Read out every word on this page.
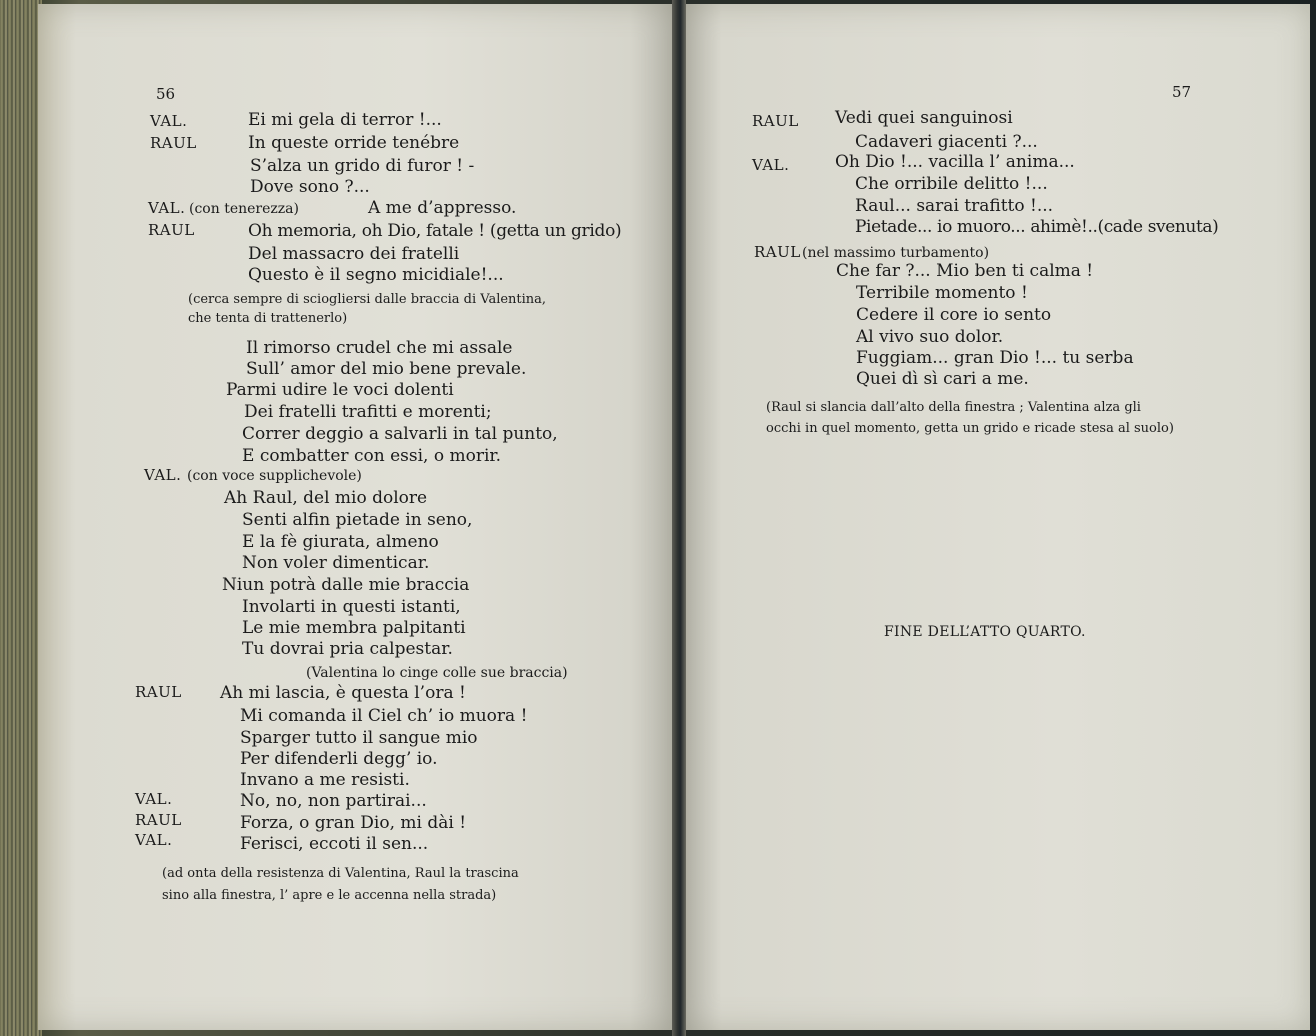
56
VAL.	Ei mi gela di terror !...
RAUL	In queste orride tenébre
S’alza un grido di furor ! -
Dove sono ?...
VAL. (con tenerezza)	A me d’appresso.
RAUL	Oh memoria, oh Dio, fatale ! (getta un grido)
Del massacro dei fratelli
Questo è il segno micidiale!...
(cerca sempre di sciogliersi dalle braccia di Valentina,
che tenta di trattenerlo)
Il rimorso crudel che mi assale
Sull’ amor del mio bene prevale.
Parmi udire le voci dolenti
Dei fratelli trafitti e morenti;
Correr deggio a salvarli in tal punto,
E combatter con essi, o morir.
VAL. (con voce supplichevole)
Ah Raul, del mio dolore
Senti alfin pietade in seno,
E la fè giurata, almeno
Non voler dimenticar.
Niun potrà dalle mie braccia
Involarti in questi istanti,
Le mie membra palpitanti
Tu dovrai pria calpestar.
(Valentina lo cinge colle sue braccia)
RAUL Ah mi lascia, è questa l’ora !
Mi comanda il Ciel ch’ io muora !
Sparger tutto il sangue mio
Per difenderli degg’ io.
Invano a me resisti.
VAL.	No, no, non partirai...
RAUL	Forza, o gran Dio, mi dài !
VAL.	Ferisci, eccoti il sen...
(ad onta della resistenza di Valentina, Raul la trascina
sino alla finestra, l’ apre e le accenna nella strada)
57
RAUL Vedi quei sanguinosi
Cadaveri giacenti ?...
VAL.	Oh Dio !... vacilla l’ anima...
Che orribile delitto !...
Raul... sarai trafitto !...
Pietade... io muoro... ahimè!..(cade svenuta)
RAUL (nel massimo turbamento)
Che far ?... Mio ben ti calma !
Terribile momento !
Cedere il core io sento
Al vivo suo dolor.
Fuggiam... gran Dio !... tu serba
Quei dì sì cari a me.
(Raul si slancia dall’alto della finestra ; Valentina alza gli
occhi in quel momento, getta un grido e ricade stesa al suolo)
FINE DELL’ATTO QUARTO.
